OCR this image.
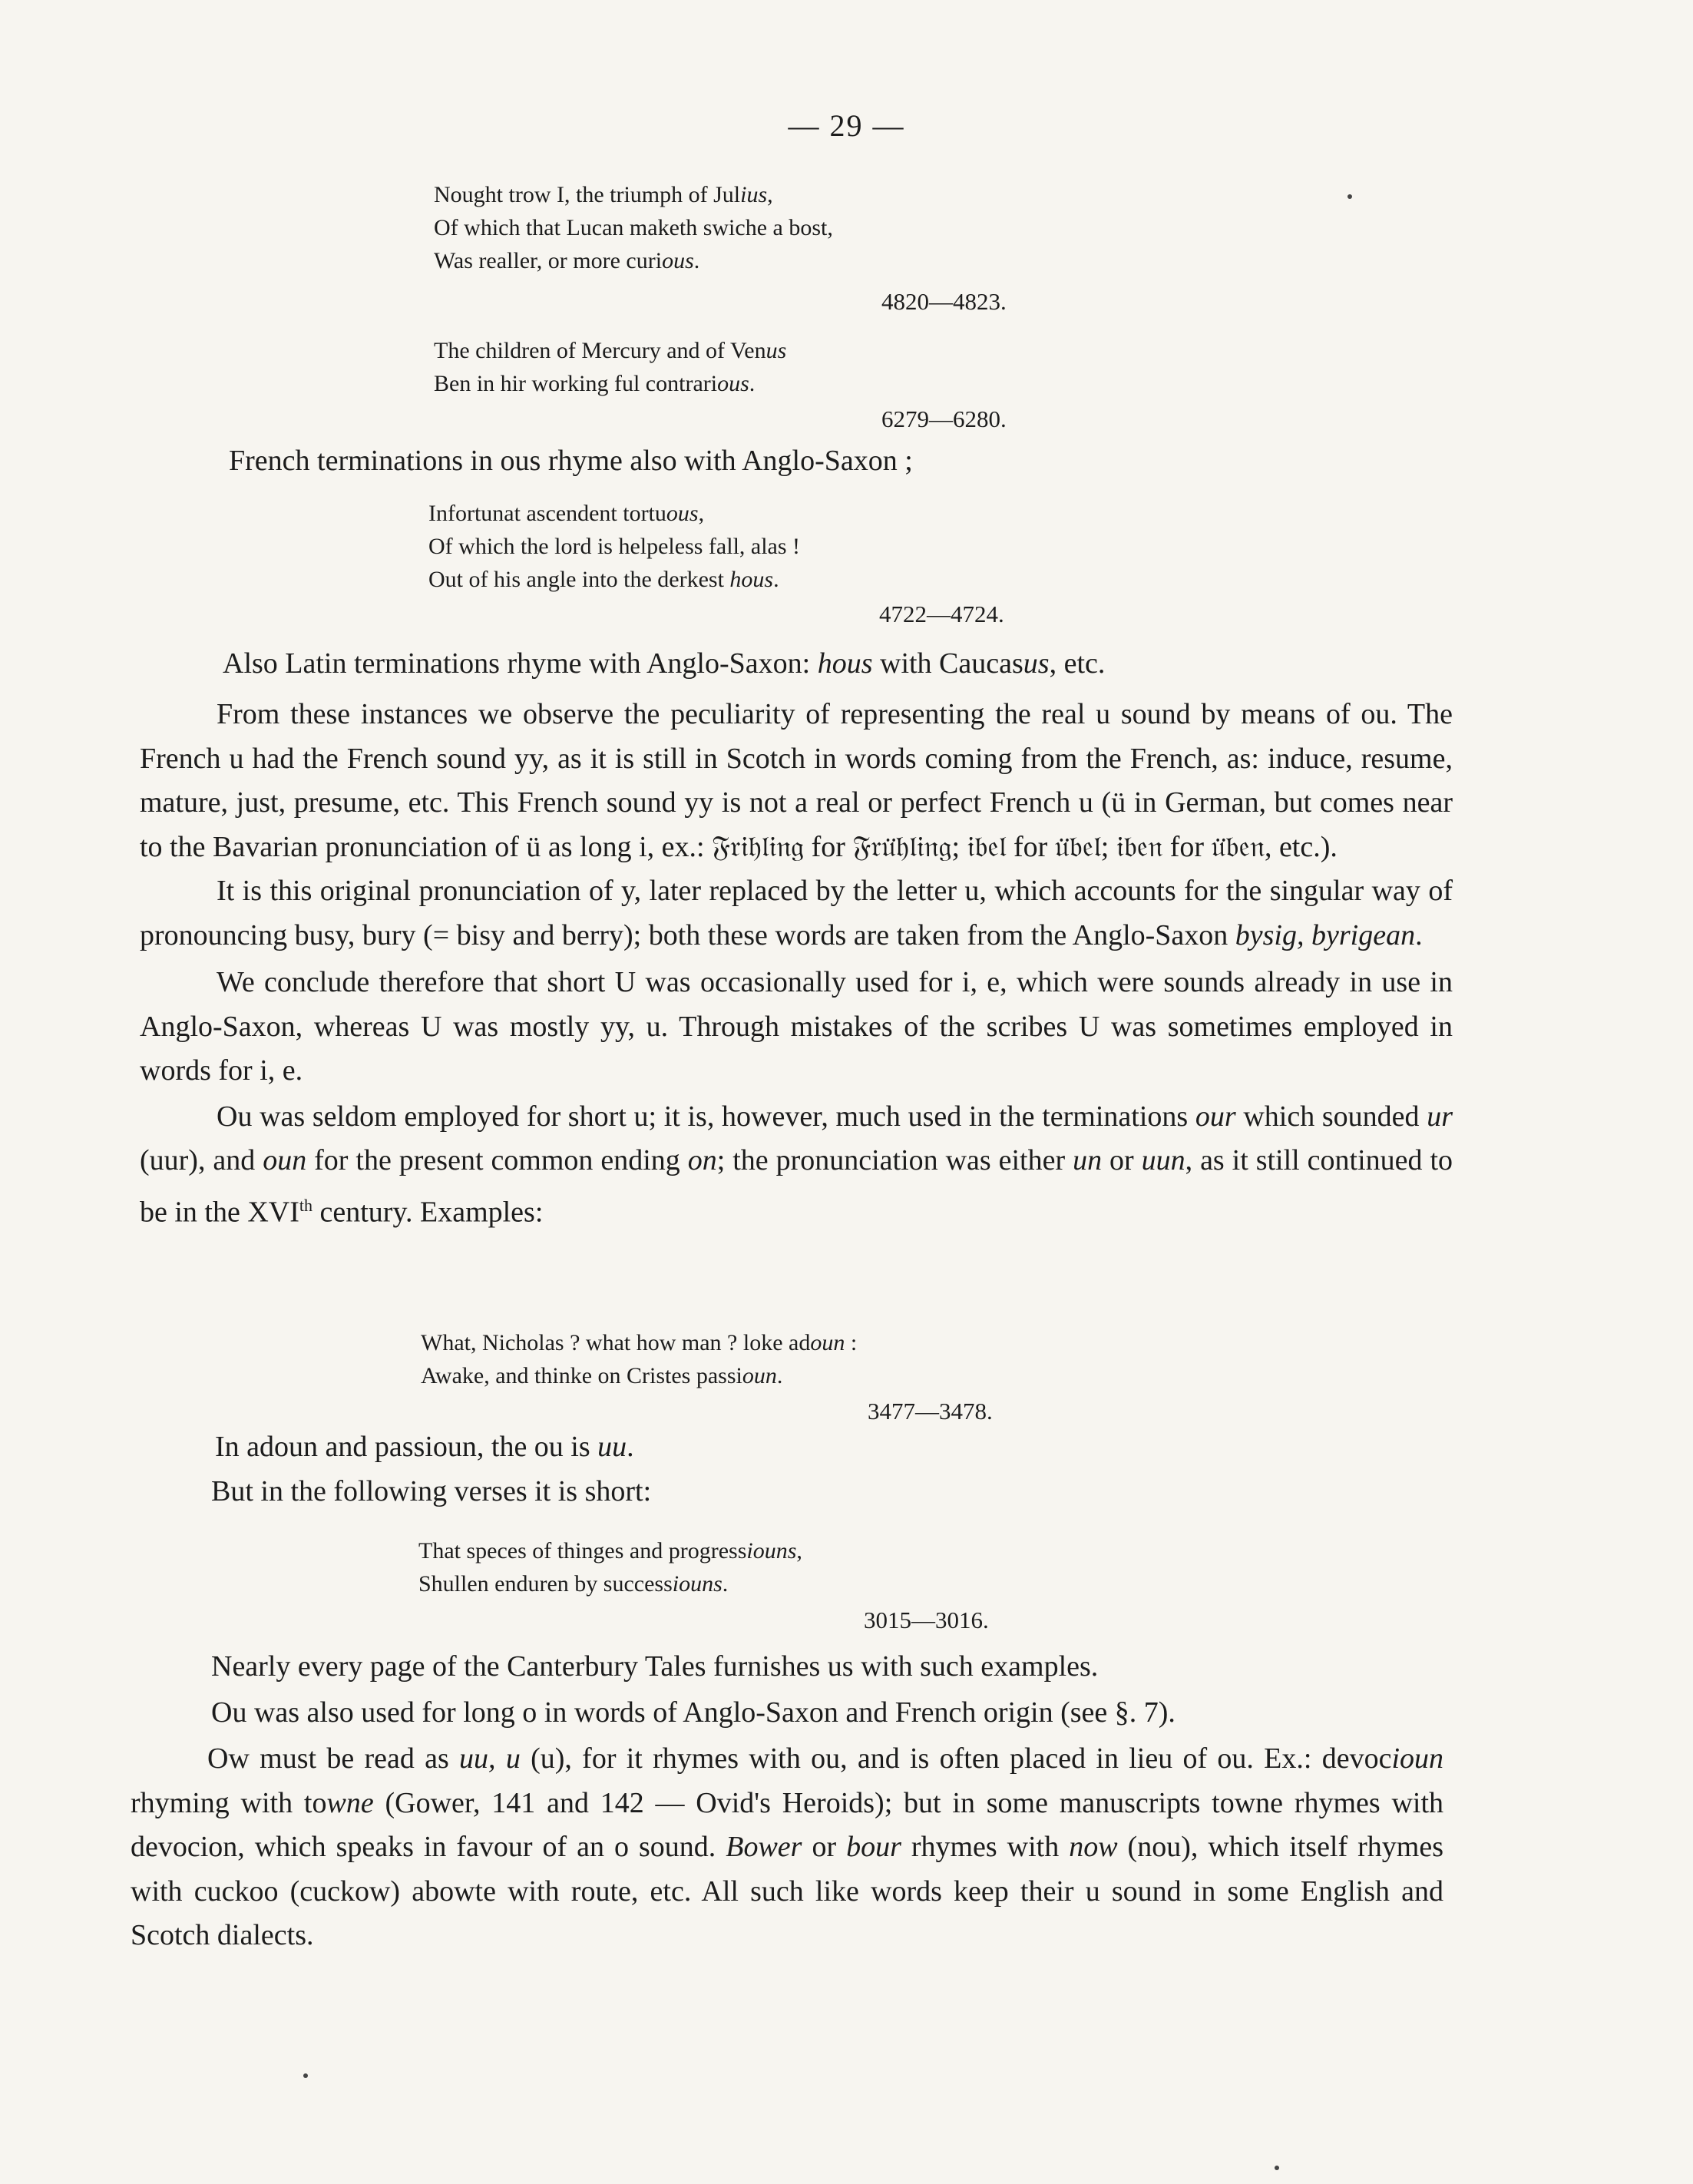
— 29 —
Nought trow I, the triumph of Julius,
Of which that Lucan maketh swiche a bost,
Was realler, or more curious.
4820—4823.
The children of Mercury and of Venus
Ben in hir working ful contrarious.
6279—6280.
French terminations in ous rhyme also with Anglo-Saxon ;
Infortunat ascendent tortuous,
Of which the lord is helpeless fall, alas !
Out of his angle into the derkest hous.
4722—4724.
Also Latin terminations rhyme with Anglo-Saxon: hous with Caucasus, etc.

From these instances we observe the peculiarity of representing the real u sound by means of ou. The French u had the French sound yy, as it is still in Scotch in words coming from the French, as: induce, resume, mature, just, presume, etc. This French sound yy is not a real or perfect French u (ü in German, but comes near to the Bavarian pronunciation of ü as long i, ex.: 𝔉𝔯𝔦𝔥𝔩𝔦𝔫𝔤 for 𝔉𝔯𝔲̈𝔥𝔩𝔦𝔫𝔤; 𝔦𝔟𝔢𝔩 for 𝔲̈𝔟𝔢𝔩; 𝔦𝔟𝔢𝔫 for 𝔲̈𝔟𝔢𝔫, etc.).

It is this original pronunciation of y, later replaced by the letter u, which accounts for the singular way of pronouncing busy, bury (= bisy and berry); both these words are taken from the Anglo-Saxon bysig, byrigean.

We conclude therefore that short U was occasionally used for i, e, which were sounds already in use in Anglo-Saxon, whereas U was mostly yy, u. Through mistakes of the scribes U was sometimes employed in words for i, e.

Ou was seldom employed for short u; it is, however, much used in the terminations our which sounded ur (uur), and oun for the present common ending on; the pronunciation was either un or uun, as it still continued to be in the XVIth century. Examples:

What, Nicholas ? what how man ? loke adoun :
Awake, and thinke on Cristes passioun.
3477—3478.
In adoun and passioun, the ou is uu.
But in the following verses it is short:
That speces of thinges and progressiouns,
Shullen enduren by successiouns.
3015—3016.
Nearly every page of the Canterbury Tales furnishes us with such examples.
Ou was also used for long o in words of Anglo-Saxon and French origin (see §. 7).

Ow must be read as uu, u (u), for it rhymes with ou, and is often placed in lieu of ou. Ex.: devocioun rhyming with towne (Gower, 141 and 142 — Ovid's Heroids); but in some manuscripts towne rhymes with devocion, which speaks in favour of an o sound. Bower or bour rhymes with now (nou), which itself rhymes with cuckoo (cuckow) abowte with route, etc. All such like words keep their u sound in some English and Scotch dialects.
